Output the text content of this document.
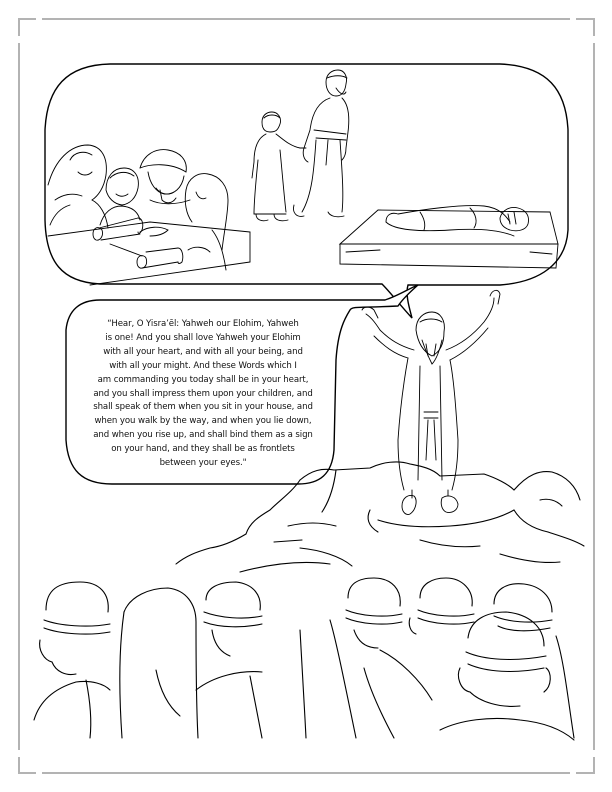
“Hear, O Yisra’ēl: Yahweh our Elohim, Yahweh
is one! And you shall love Yahweh your Elohim
with all your heart, and with all your being, and
with all your might. And these Words which I
am commanding you today shall be in your heart,
and you shall impress them upon your children, and
shall speak of them when you sit in your house, and
when you walk by the way, and when you lie down,
and when you rise up, and shall bind them as a sign
on your hand, and they shall be as frontlets
between your eyes."
